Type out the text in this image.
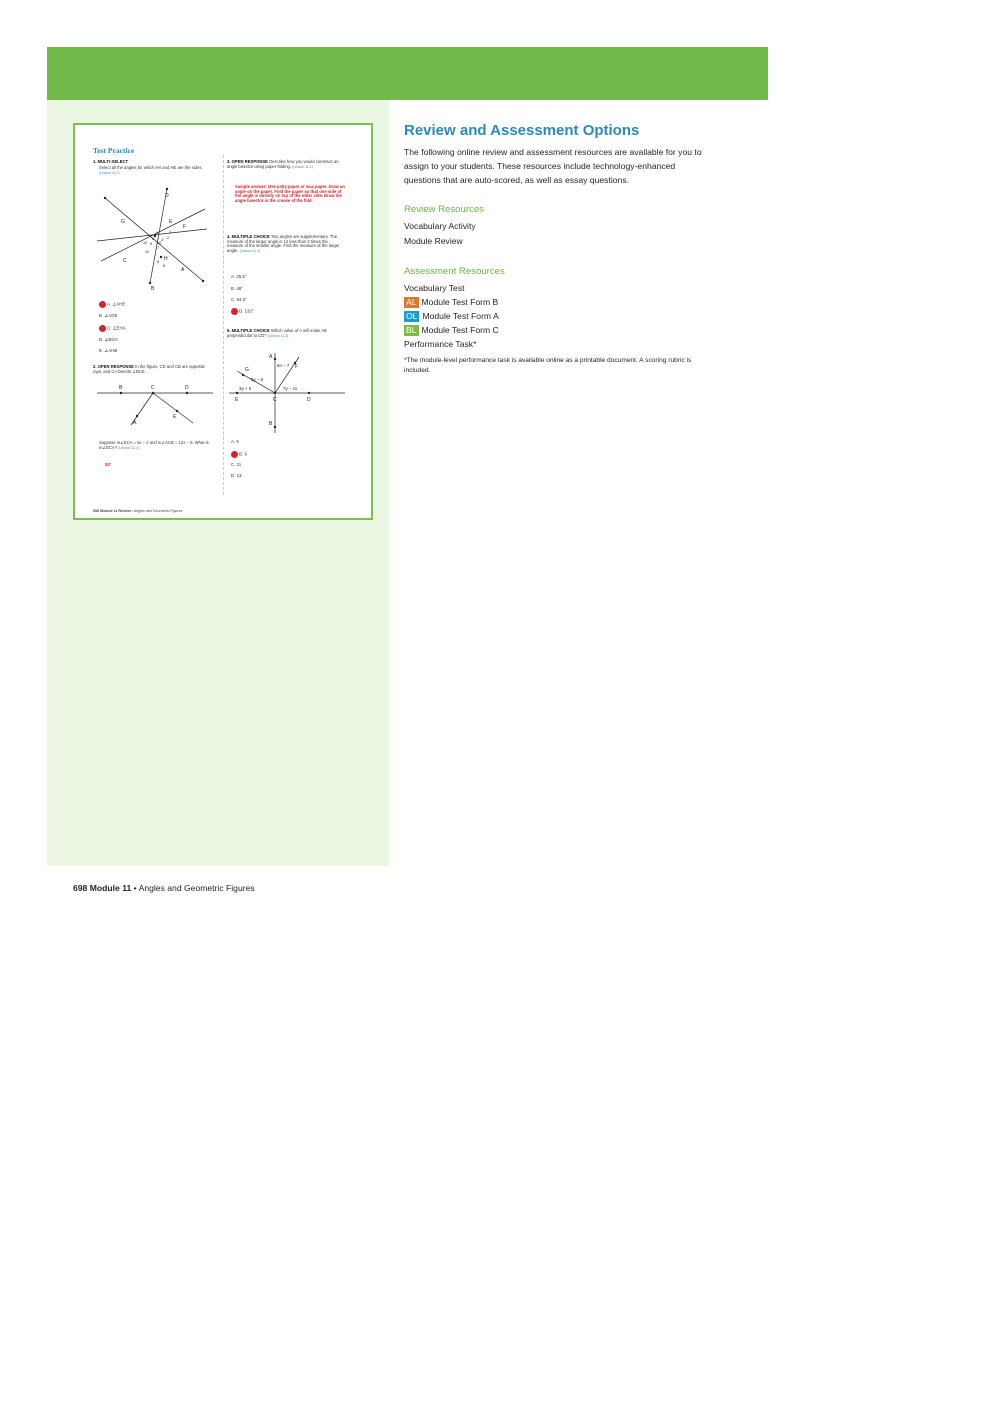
Test Practice
1. MULTI-SELECT
Select all the angles for which HA and HE are the sides. (Lesson 11-1)
D
G
F
C	H
A
B
E
1
2
4
3
5
10
9
7
12
11
6
8
A. ∠AHE
B. ∠AGE
C. ∠EHA
D. ∠BGA
E. ∠AHB
2. OPEN RESPONSE In the figure, CD and CB are opposite rays, and CA bisects ∠BCE.
B	C	D
A
E
Suppose m∠ECA = 5x − 2 and m∠ACB = 12x − 9. What is m∠ECA? (Lesson 11-1)
53°
3. OPEN RESPONSE Describe how you would construct an angle bisector using paper-folding. (Lesson 11-1)
Sample answer: Use patty paper or wax paper. Draw an angle on the paper. Fold the paper so that one side of the angle is directly on top of the other side. Draw the angle bisector in the crease of the fold.
4. MULTIPLE CHOICE Two angles are supplementary. The measure of the larger angle is 12 less than 3 times the measure of the smaller angle. Find the measure of the larger angle. (Lesson 11-2)
A. 25.5°
B. 48°
C. 64.5°
D. 132°
5. MULTIPLE CHOICE Which value of n will make AB perpendicular to CD? (Lesson 11-3)
A
F
G
E	C	D
B
5n − 7
5y − 6
3y + 5	7y − 11
A. 6
B. 9
C. 11
D. 13
698 Module 11 Review • Angles and Geometric Figures
Review and Assessment Options
The following online review and assessment resources are available for you to assign to your students. These resources include technology-enhanced questions that are auto-scored, as well as essay questions.
Review Resources
Vocabulary Activity
Module Review
Assessment Resources
Vocabulary Test
AL Module Test Form B
OL Module Test Form A
BL Module Test Form C
Performance Task*
*The module-level performance task is available online as a printable document. A scoring rubric is included.
698 Module 11 • Angles and Geometric Figures
